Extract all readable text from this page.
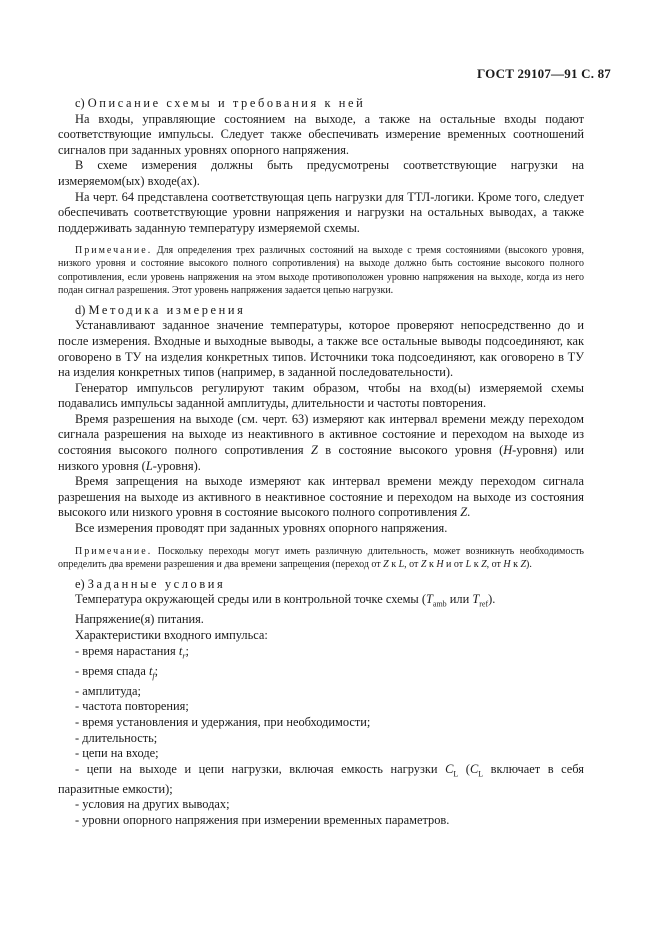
ГОСТ 29107—91 С. 87

с) Описание схемы и требования к ней

На входы, управляющие состоянием на выходе, а также на остальные входы подают соответствующие импульсы. Следует также обеспечивать измерение временных соотношений сигналов при заданных уровнях опорного напряжения.

В схеме измерения должны быть предусмотрены соответствующие нагрузки на измеряемом(ых) входе(ах).

На черт. 64 представлена соответствующая цепь нагрузки для ТТЛ-логики. Кроме того, следует обеспечивать соответствующие уровни напряжения и нагрузки на остальных выводах, а также поддерживать заданную температуру измеряемой схемы.

Примечание. Для определения трех различных состояний на выходе с тремя состояниями (высокого уровня, низкого уровня и состояние высокого полного сопротивления) на выходе должно быть состояние высокого полного сопротивления, если уровень напряжения на этом выходе противоположен уровню напряжения на выходе, когда из него подан сигнал разрешения. Этот уровень напряжения задается цепью нагрузки.

d) Методика измерения

Устанавливают заданное значение температуры, которое проверяют непосредственно до и после измерения. Входные и выходные выводы, а также все остальные выводы подсоединяют, как оговорено в ТУ на изделия конкретных типов. Источники тока подсоединяют, как оговорено в ТУ на изделия конкретных типов (например, в заданной последовательности).

Генератор импульсов регулируют таким образом, чтобы на вход(ы) измеряемой схемы подавались импульсы заданной амплитуды, длительности и частоты повторения.

Время разрешения на выходе (см. черт. 63) измеряют как интервал времени между переходом сигнала разрешения на выходе из неактивного в активное состояние и переходом на выходе из состояния высокого полного сопротивления Z в состояние высокого уровня (H-уровня) или низкого уровня (L-уровня).

Время запрещения на выходе измеряют как интервал времени между переходом сигнала разрешения на выходе из активного в неактивное состояние и переходом на выходе из состояния высокого или низкого уровня в состояние высокого полного сопротивления Z.

Все измерения проводят при заданных уровнях опорного напряжения.

Примечание. Поскольку переходы могут иметь различную длительность, может возникнуть необходимость определить два времени разрешения и два времени запрещения (переход от Z к L, от Z к H и от L к Z, от H к Z).

е) Заданные условия

Температура окружающей среды или в контрольной точке схемы ($T_{amb}$ или $T_{ref}$).

Напряжение(я) питания.

Характеристики входного импульса:

- время нарастания $t_r$;

- время спада $t_f$;

- амплитуда;

- частота повторения;

- время установления и удержания, при необходимости;

- длительность;

- цепи на входе;

- цепи на выходе и цепи нагрузки, включая емкость нагрузки $C_L$ ($C_L$ включает в себя паразитные емкости);

- условия на других выводах;

- уровни опорного напряжения при измерении временных параметров.
